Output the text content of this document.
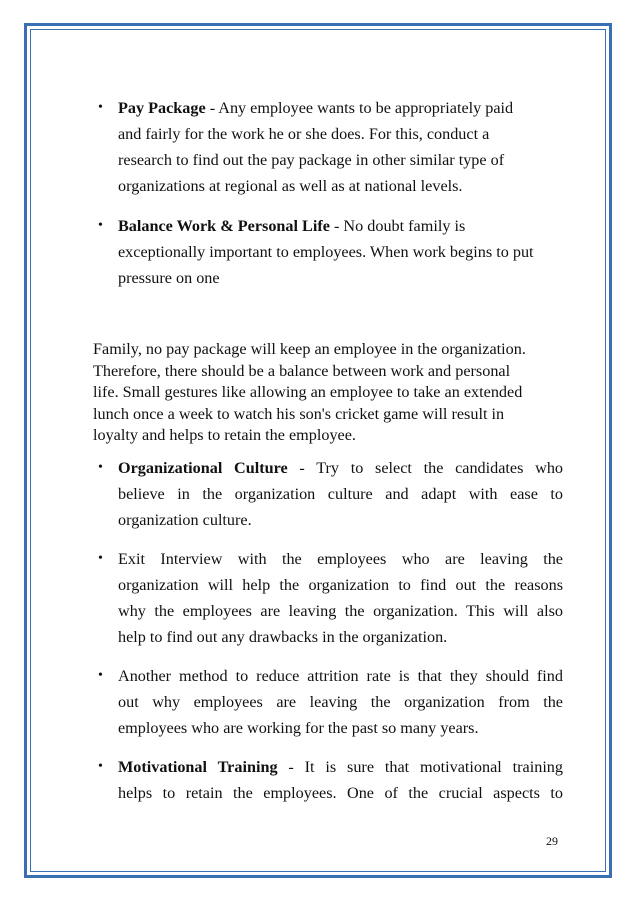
• Pay Package - Any employee wants to be appropriately paid
and fairly for the work he or she does. For this, conduct a
research to find out the pay package in other similar type of
organizations at regional as well as at national levels.
• Balance Work & Personal Life - No doubt family is
exceptionally important to employees. When work begins to put
pressure on one
Family, no pay package will keep an employee in the organization.
Therefore, there should be a balance between work and personal
life. Small gestures like allowing an employee to take an extended
lunch once a week to watch his son's cricket game will result in
loyalty and helps to retain the employee.
• Organizational Culture - Try to select the candidates who
believe in the organization culture and adapt with ease to
organization culture.
• Exit Interview with the employees who are leaving the
organization will help the organization to find out the reasons
why the employees are leaving the organization. This will also
help to find out any drawbacks in the organization.
• Another method to reduce attrition rate is that they should find
out why employees are leaving the organization from the
employees who are working for the past so many years.
• Motivational Training - It is sure that motivational training
helps to retain the employees. One of the crucial aspects to
29
